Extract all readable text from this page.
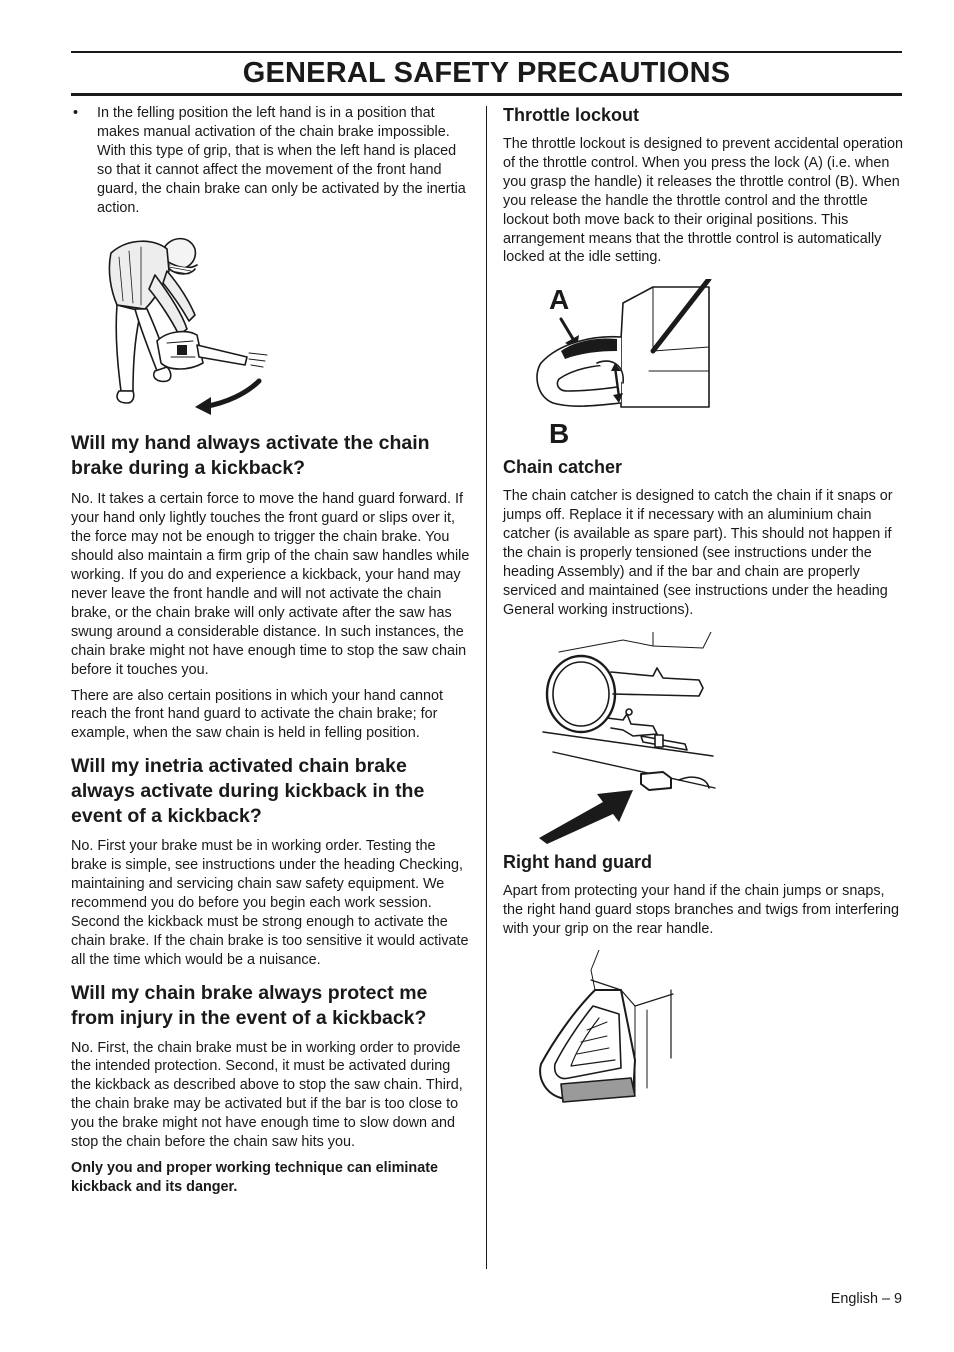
GENERAL SAFETY PRECAUTIONS

• In the felling position the left hand is in a position that makes manual activation of the chain brake impossible. With this type of grip, that is when the left hand is placed so that it cannot affect the movement of the front hand guard, the chain brake can only be activated by the inertia action.

Will my hand always activate the chain brake during a kickback?

No. It takes a certain force to move the hand guard forward. If your hand only lightly touches the front guard or slips over it, the force may not be enough to trigger the chain brake. You should also maintain a firm grip of the chain saw handles while working. If you do and experience a kickback, your hand may never leave the front handle and will not activate the chain brake, or the chain brake will only activate after the saw has swung around a considerable distance. In such instances, the chain brake might not have enough time to stop the saw chain before it touches you.

There are also certain positions in which your hand cannot reach the front hand guard to activate the chain brake; for example, when the saw chain is held in felling position.

Will my inetria activated chain brake always activate during kickback in the event of a kickback?

No. First your brake must be in working order. Testing the brake is simple, see instructions under the heading Checking, maintaining and servicing chain saw safety equipment. We recommend you do before you begin each work session. Second the kickback must be strong enough to activate the chain brake. If the chain brake is too sensitive it would activate all the time which would be a nuisance.

Will my chain brake always protect me from injury in the event of a kickback?

No. First, the chain brake must be in working order to provide the intended protection. Second, it must be activated during the kickback as described above to stop the saw chain. Third, the chain brake may be activated but if the bar is too close to you the brake might not have enough time to slow down and stop the chain before the chain saw hits you.

Only you and proper working technique can eliminate kickback and its danger.

Throttle lockout

The throttle lockout is designed to prevent accidental operation of the throttle control. When you press the lock (A) (i.e. when you grasp the handle) it releases the throttle control (B). When you release the handle the throttle control and the throttle lockout both move back to their original positions. This arrangement means that the throttle control is automatically locked at the idle setting.

A
B
Chain catcher

The chain catcher is designed to catch the chain if it snaps or jumps off. Replace it if necessary with an aluminium chain catcher (is available as spare part). This should not happen if the chain is properly tensioned (see instructions under the heading Assembly) and if the bar and chain are properly serviced and maintained (see instructions under the heading General working instructions).

Right hand guard

Apart from protecting your hand if the chain jumps or snaps, the right hand guard stops branches and twigs from interfering with your grip on the rear handle.

English – 9
